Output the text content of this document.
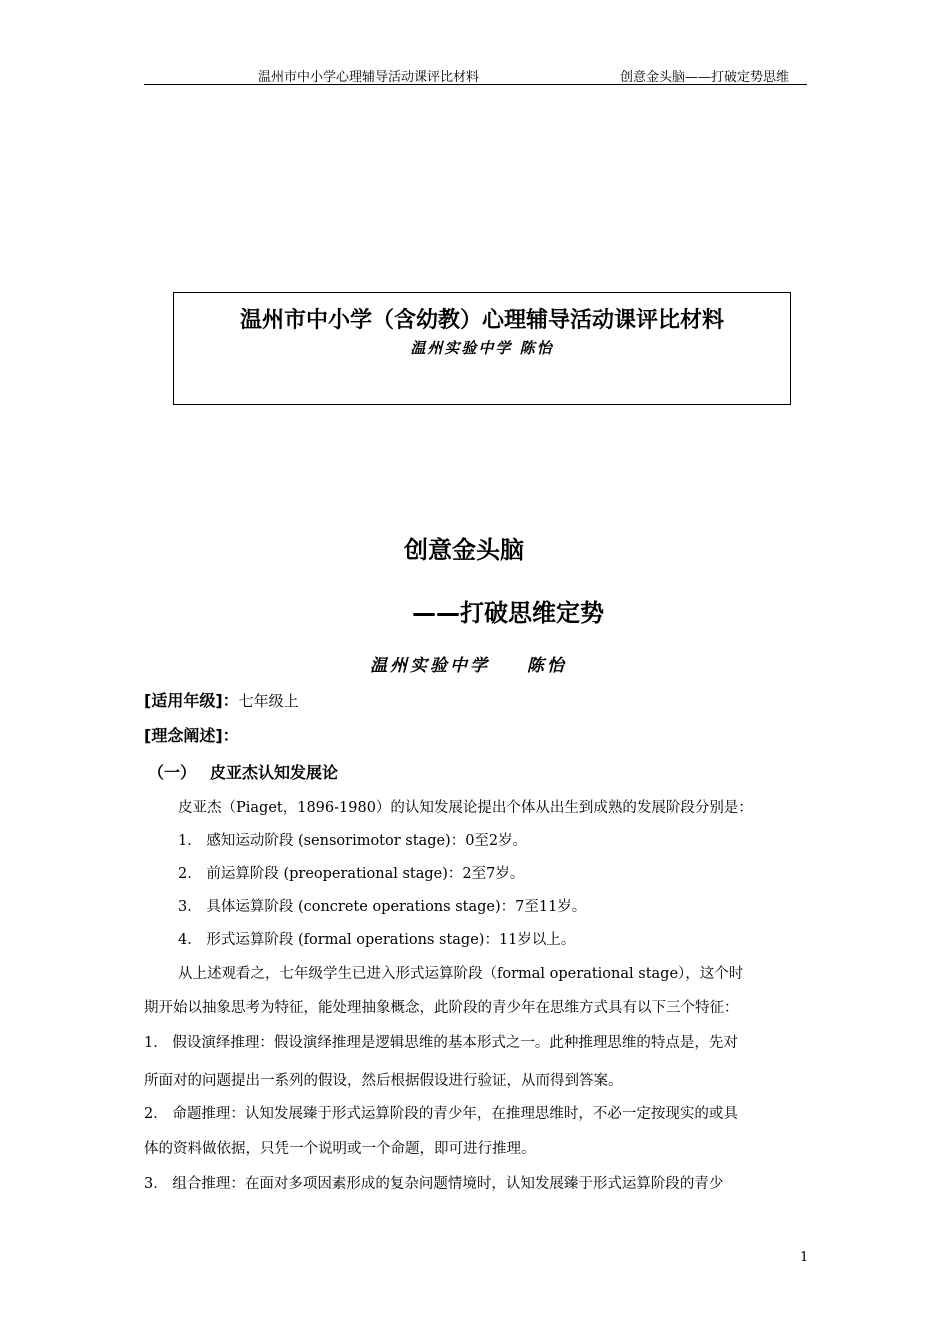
温州市中小学心理辅导活动课评比材料	创意金头脑——打破定势思维
温州市中小学（含幼教）心理辅导活动课评比材料
温州实验中学 陈怡
创意金头脑
——打破思维定势
温州实验中学 陈怡
[适用年级]：七年级上
[理念阐述]：
（一） 皮亚杰认知发展论
皮亚杰（Piaget，1896-1980）的认知发展论提出个体从出生到成熟的发展阶段分别是：
1． 感知运动阶段 (sensorimotor stage)：0至2岁。
2． 前运算阶段 (preoperational stage)：2至7岁。
3． 具体运算阶段 (concrete operations stage)：7至11岁。
4． 形式运算阶段 (formal operations stage)：11岁以上。
从上述观看之，七年级学生已进入形式运算阶段（formal operational stage），这个时
期开始以抽象思考为特征，能处理抽象概念，此阶段的青少年在思维方式具有以下三个特征：
1． 假设演绎推理：假设演绎推理是逻辑思维的基本形式之一。此种推理思维的特点是，先对
所面对的问题提出一系列的假设，然后根据假设进行验证，从而得到答案。
2． 命题推理：认知发展臻于形式运算阶段的青少年，在推理思维时，不必一定按现实的或具
体的资料做依据，只凭一个说明或一个命题，即可进行推理。
3． 组合推理：在面对多项因素形成的复杂问题情境时，认知发展臻于形式运算阶段的青少
1
